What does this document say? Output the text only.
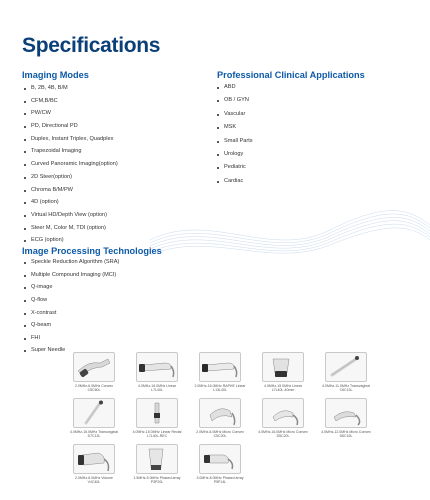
Specifications
Imaging Modes
B, 2B, 4B, B/M
CFM,B/BC
PW/CW
PD, Directional PD
Duplex, Instant Triplex, Quadplex
Trapezoidal Imaging
Curved Panoramic Imaging(option)
2D Steer(option)
Chroma B/M/PW
4D (option)
Virtual HD/Depth View (option)
Steer M, Color M, TDI (option)
ECG (option)
Professional Clinical Applications
ABD
OB / GYN
Vascular
MSK
Small Parts
Urology
Pediatric
Cardiac
Image Processing Technologies
Speckle Reduction Algorithm (SRA)
Multiple Compound Imaging (MCI)
Q-image
Q-flow
X-contrast
Q-beam
FHI
Super Needle
2.0MHz-6.0MHz Convex
C5C60L
4.0MHz-16.0MHz Linear
L7L40L
2.0MHz-16.0MHz RAPHE Linear
L13L40L
4.0MHz-15.0MHz Linear
L7L40L-40mm
4.0MHz-11.0MHz Transvaginal
C6C13L
4.0MHz-15.0MHz Transvaginal
D7C13L
4.0MHz-15.0MHz Linear Rectal
L7L40L-REC
2.0MHz-6.0MHz Micro Convex
C5C20L
4.0MHz-16.0MHz Micro Convex
D5C20L
4.0MHz-12.0MHz Micro Convex
D6C15L
2.0MHz-6.0MHz Volume
V4C40L
1.5MHz-5.0MHz Phased array
P3P20L
3.0MHz-8.0MHz Phased array
P5P14L
